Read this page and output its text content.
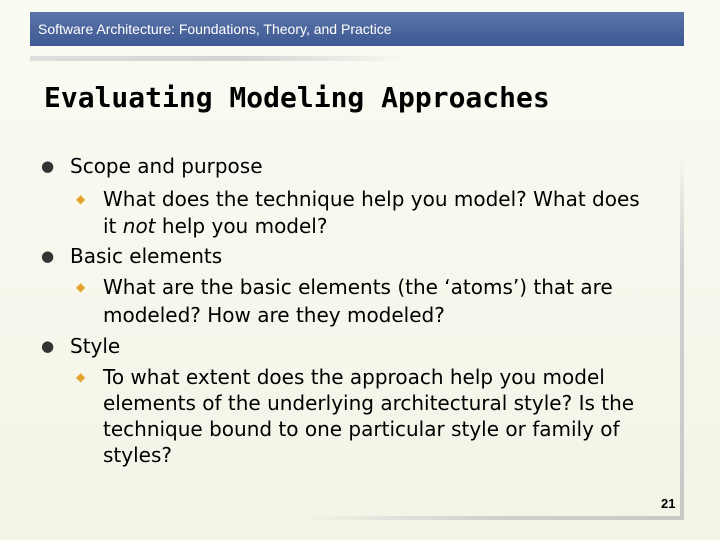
Software Architecture: Foundations, Theory, and Practice
Evaluating Modeling Approaches
● Scope and purpose
◆ What does the technique help you model? What does
it not help you model?
● Basic elements
◆ What are the basic elements (the ‘atoms’) that are
modeled? How are they modeled?
● Style
◆ To what extent does the approach help you model
elements of the underlying architectural style? Is the
technique bound to one particular style or family of
styles?
21
